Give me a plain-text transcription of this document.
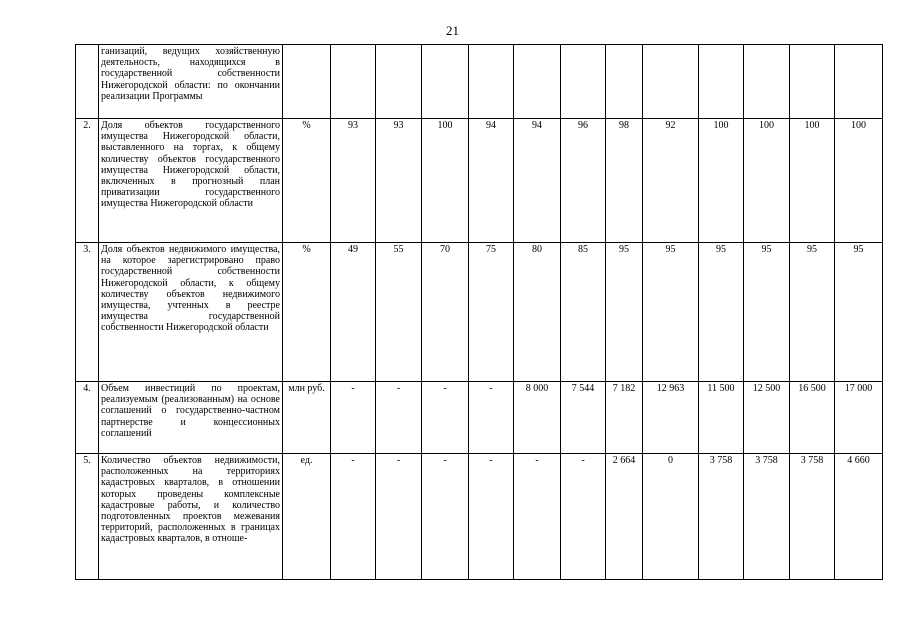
21
	ганизаций, ведущих хозяйственную деятельность, находящихся в государственной собственности Нижегородской области: по окончании реализации Программы													
2.	Доля объектов государственного имущества Нижегородской области, выставленного на торгах, к общему количеству объектов государственного имущества Нижегородской области, включенных в прогнозный план приватизации государственного имущества Нижегородской области	%	93	93	100	94	94	96	98	92	100	100	100	100
3.	Доля объектов недвижимого имущества, на которое зарегистрировано право государственной собственности Нижегородской области, к общему количеству объектов недвижимого имущества, учтенных в реестре имущества государственной собственности Нижегородской области	%	49	55	70	75	80	85	95	95	95	95	95	95
4.	Объем инвестиций по проектам, реализуемым (реализованным) на основе соглашений о государственно-частном партнерстве и концессионных соглашений	млн руб.	-	-	-	-	8 000	7 544	7 182	12 963	11 500	12 500	16 500	17 000
5.	Количество объектов недвижимости, расположенных на территориях кадастровых кварталов, в отношении которых проведены комплексные кадастровые работы, и количество подготовленных проектов межевания территорий, расположенных в границах кадастровых кварталов, в отноше-	ед.	-	-	-	-	-	-	2 664	0	3 758	3 758	3 758	4 660
